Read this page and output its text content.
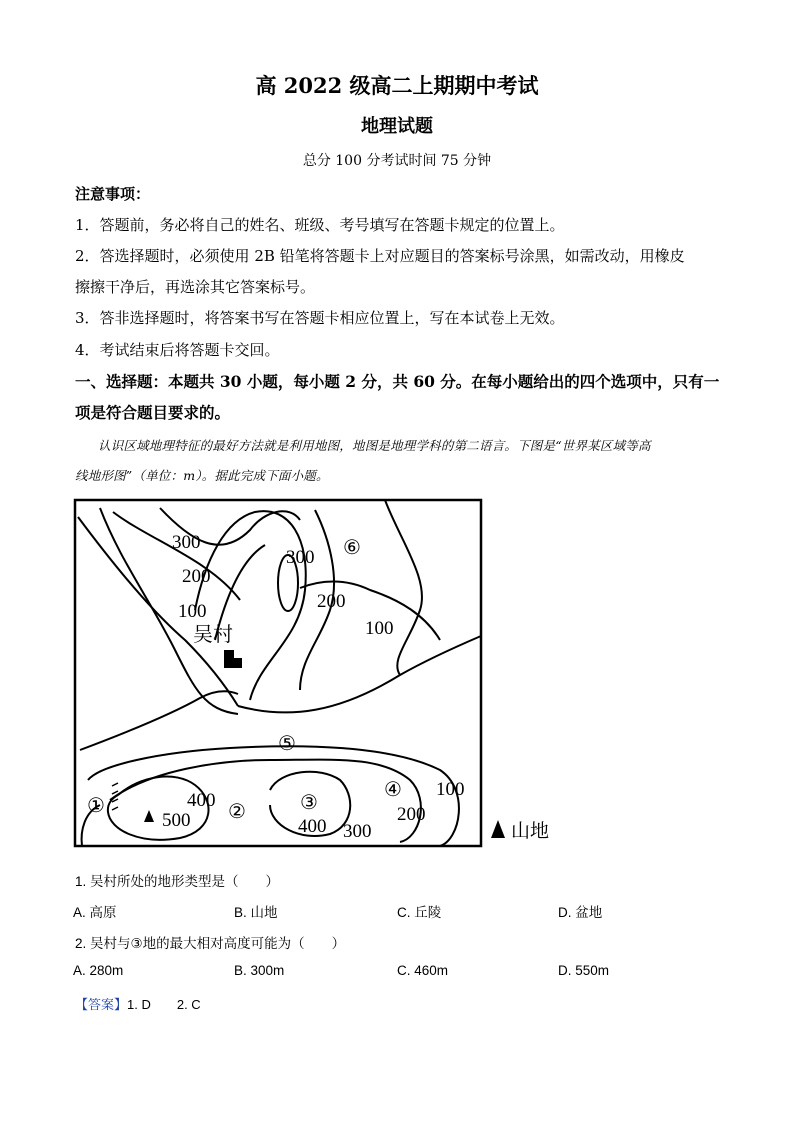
高 2022 级高二上期期中考试
地理试题
总分 100 分考试时间 75 分钟
注意事项：
1．答题前，务必将自己的姓名、班级、考号填写在答题卡规定的位置上。
2．答选择题时，必须使用 2B 铅笔将答题卡上对应题目的答案标号涂黑，如需改动，用橡皮
擦擦干净后，再选涂其它答案标号。
3．答非选择题时，将答案书写在答题卡相应位置上，写在本试卷上无效。
4．考试结束后将答题卡交回。
一、选择题：本题共 30 小题，每小题 2 分，共 60 分。在每小题给出的四个选项中，只有一
项是符合题目要求的。
认识区域地理特征的最好方法就是利用地图，地图是地理学科的第二语言。下图是“世界某区域等高
线地形图”（单位：m）。据此完成下面小题。
300
200
100
300
200
100
400
500	400 300
200
100
①	②	③
④
⑤
⑥
吴村
山地
1. 吴村所处的地形类型是（　　）
A. 高原	B. 山地	C. 丘陵	D. 盆地
2. 吴村与③地的最大相对高度可能为（　　）
A. 280m	B. 300m	C. 460m	D. 550m
【答案】1. D　　2. C
